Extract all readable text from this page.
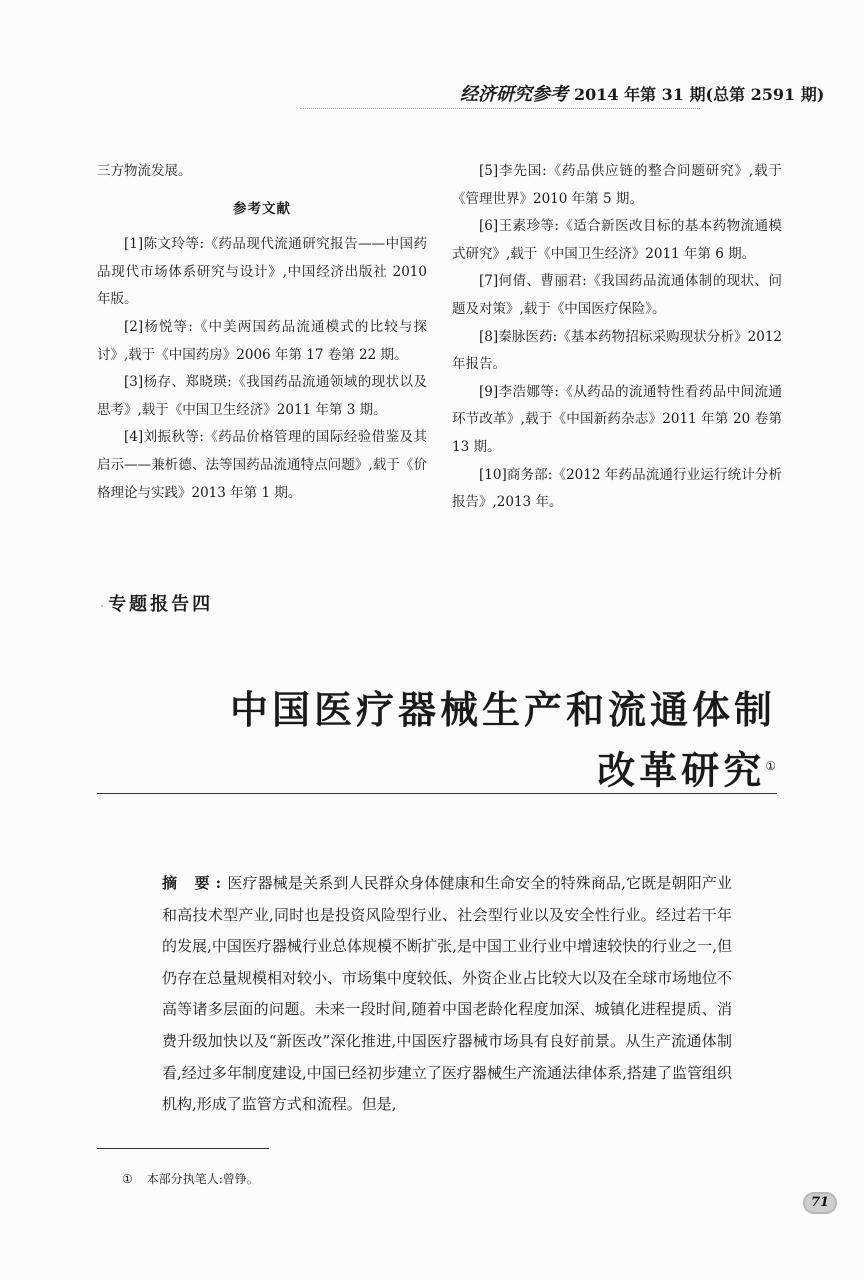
经济研究参考 2014 年第 31 期(总第 2591 期)

三方物流发展。

参考文献

[1]陈文玲等:《药品现代流通研究报告——中国药品现代市场体系研究与设计》,中国经济出版社 2010 年版。

[2]杨悦等:《中美两国药品流通模式的比较与探讨》,载于《中国药房》2006 年第 17 卷第 22 期。

[3]杨存、郑晓瑛:《我国药品流通领域的现状以及思考》,载于《中国卫生经济》2011 年第 3 期。

[4]刘振秋等:《药品价格管理的国际经验借鉴及其启示——兼析德、法等国药品流通特点问题》,载于《价格理论与实践》2013 年第 1 期。

[5]李先国:《药品供应链的整合问题研究》,载于《管理世界》2010 年第 5 期。

[6]王素珍等:《适合新医改目标的基本药物流通模式研究》,载于《中国卫生经济》2011 年第 6 期。

[7]何倩、曹丽君:《我国药品流通体制的现状、问题及对策》,载于《中国医疗保险》。

[8]秦脉医药:《基本药物招标采购现状分析》2012 年报告。

[9]李浩娜等:《从药品的流通特性看药品中间流通环节改革》,载于《中国新药杂志》2011 年第 20 卷第 13 期。

[10]商务部:《2012 年药品流通行业运行统计分析报告》,2013 年。

· 专题报告四
中国医疗器械生产和流通体制
改革研究①
摘 要:医疗器械是关系到人民群众身体健康和生命安全的特殊商品,它既是朝阳产业和高技术型产业,同时也是投资风险型行业、社会型行业以及安全性行业。经过若干年的发展,中国医疗器械行业总体规模不断扩张,是中国工业行业中增速较快的行业之一,但仍存在总量规模相对较小、市场集中度较低、外资企业占比较大以及在全球市场地位不高等诸多层面的问题。未来一段时间,随着中国老龄化程度加深、城镇化进程提质、消费升级加快以及“新医改”深化推进,中国医疗器械市场具有良好前景。从生产流通体制看,经过多年制度建设,中国已经初步建立了医疗器械生产流通法律体系,搭建了监管组织机构,形成了监管方式和流程。但是,
① 本部分执笔人:曾铮。
71
